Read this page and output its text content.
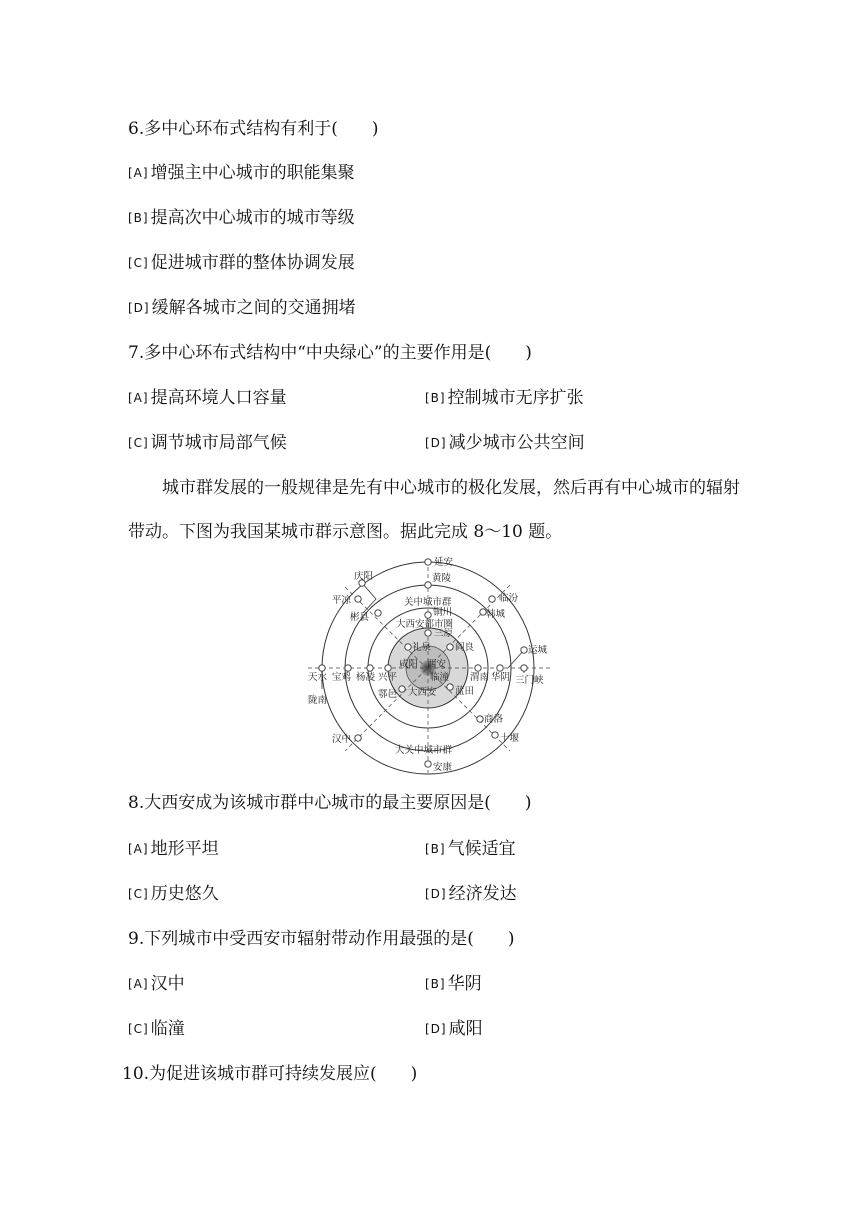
6.多中心环布式结构有利于(　　)
[A] 增强主中心城市的职能集聚
[B] 提高次中心城市的城市等级
[C] 促进城市群的整体协调发展
[D] 缓解各城市之间的交通拥堵
7.多中心环布式结构中“中央绿心”的主要作用是(　　)
[A] 提高环境人口容量	[B] 控制城市无序扩张
[C] 调节城市局部气候	[D] 减少城市公共空间
城市群发展的一般规律是先有中心城市的极化发展，然后再有中心城市的辐射带动。下图为我国某城市群示意图。据此完成 8～10 题。
延安
庆阳	黄陵
平凉	临汾
关中城市群
彬县	韩城
铜川
大西安都市圈
三原
礼泉	阎良	运城
咸阳 西安
天水 宝鸡 杨凌 兴平	临潼 渭南 华阴 三门峡
陇南
鄠邑 大西安 蓝田
商洛
十堰
汉中
大关中城市群
安康
8.大西安成为该城市群中心城市的最主要原因是(　　)
[A] 地形平坦	[B] 气候适宜
[C] 历史悠久	[D] 经济发达
9.下列城市中受西安市辐射带动作用最强的是(　　)
[A] 汉中	[B] 华阴
[C] 临潼	[D] 咸阳
10.为促进该城市群可持续发展应(　　)
